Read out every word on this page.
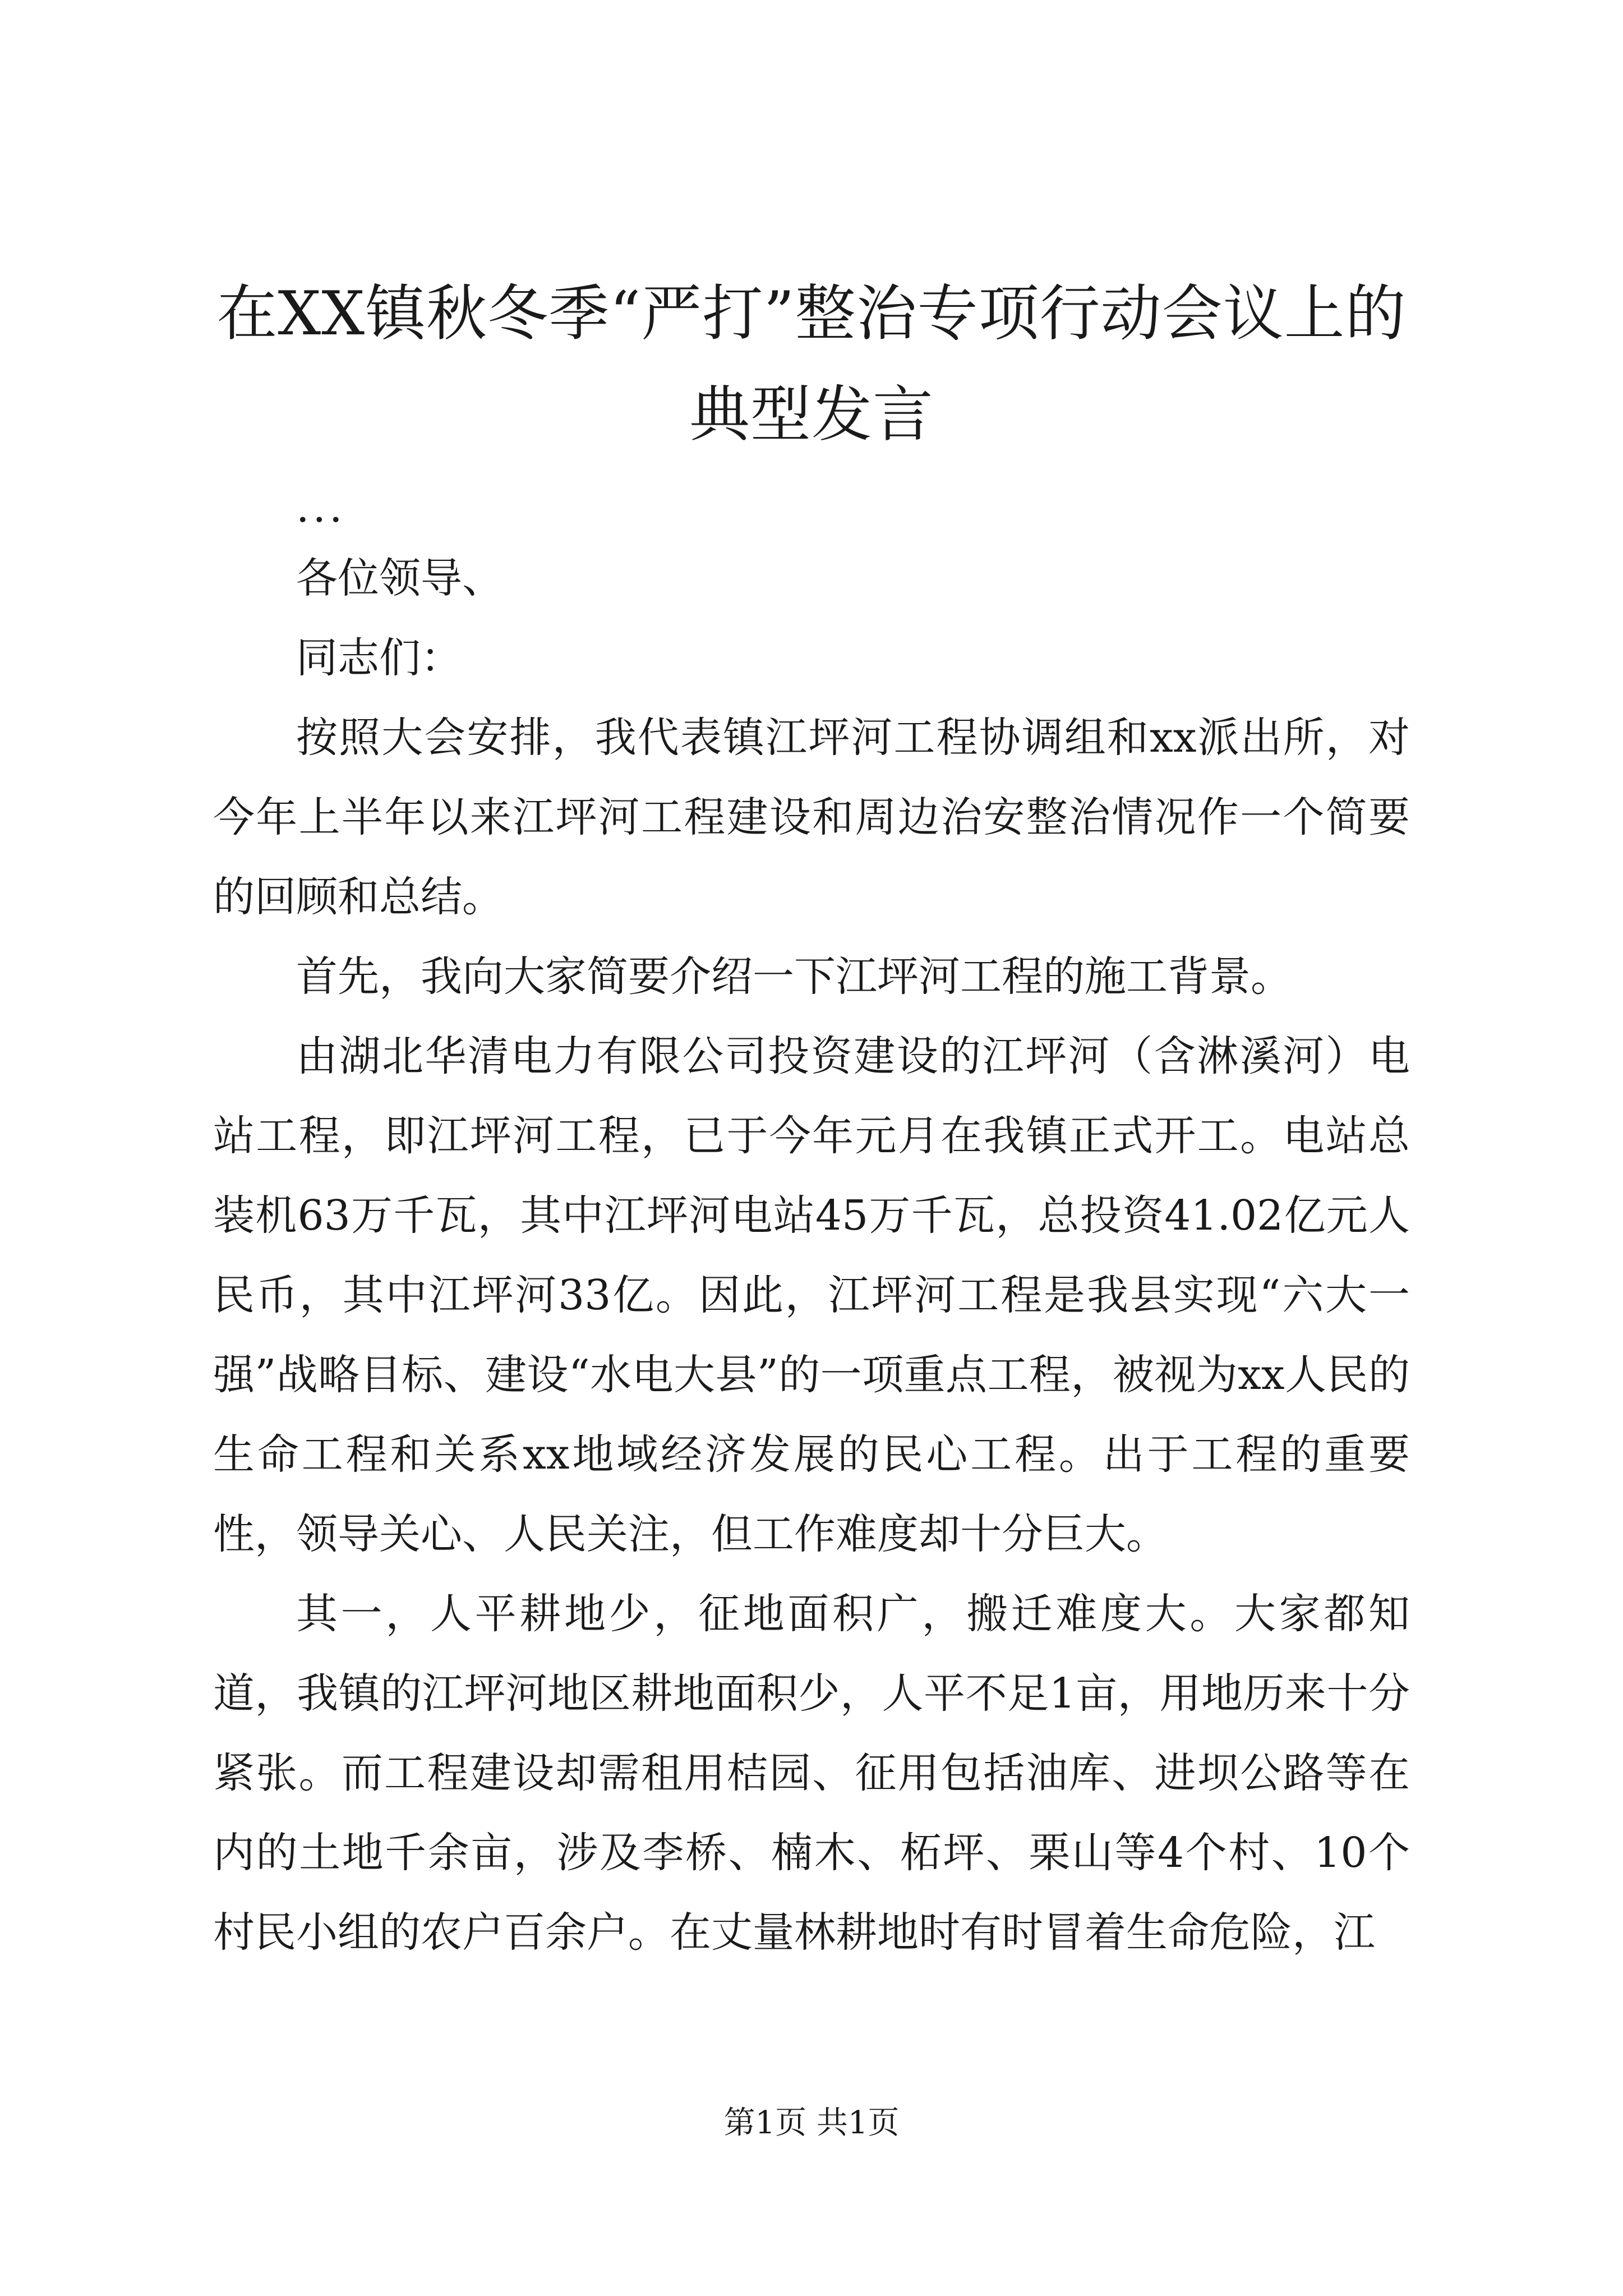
在XX镇秋冬季“严打”整治专项行动会议上的典型发言

...

各位领导、

同志们：

按照大会安排，我代表镇江坪河工程协调组和xx派出所，对今年上半年以来江坪河工程建设和周边治安整治情况作一个简要的回顾和总结。

首先，我向大家简要介绍一下江坪河工程的施工背景。

由湖北华清电力有限公司投资建设的江坪河（含淋溪河）电站工程，即江坪河工程，已于今年元月在我镇正式开工。电站总装机63万千瓦，其中江坪河电站45万千瓦，总投资41.02亿元人民币，其中江坪河33亿。因此，江坪河工程是我县实现“六大一强”战略目标、建设“水电大县”的一项重点工程，被视为xx人民的生命工程和关系xx地域经济发展的民心工程。出于工程的重要性，领导关心、人民关注，但工作难度却十分巨大。

其一，人平耕地少，征地面积广，搬迁难度大。大家都知道，我镇的江坪河地区耕地面积少，人平不足1亩，用地历来十分紧张。而工程建设却需租用桔园、征用包括油库、进坝公路等在内的土地千余亩，涉及李桥、楠木、柘坪、栗山等4个村、10个村民小组的农户百余户。在丈量林耕地时有时冒着生命危险，江

第1页 共1页
